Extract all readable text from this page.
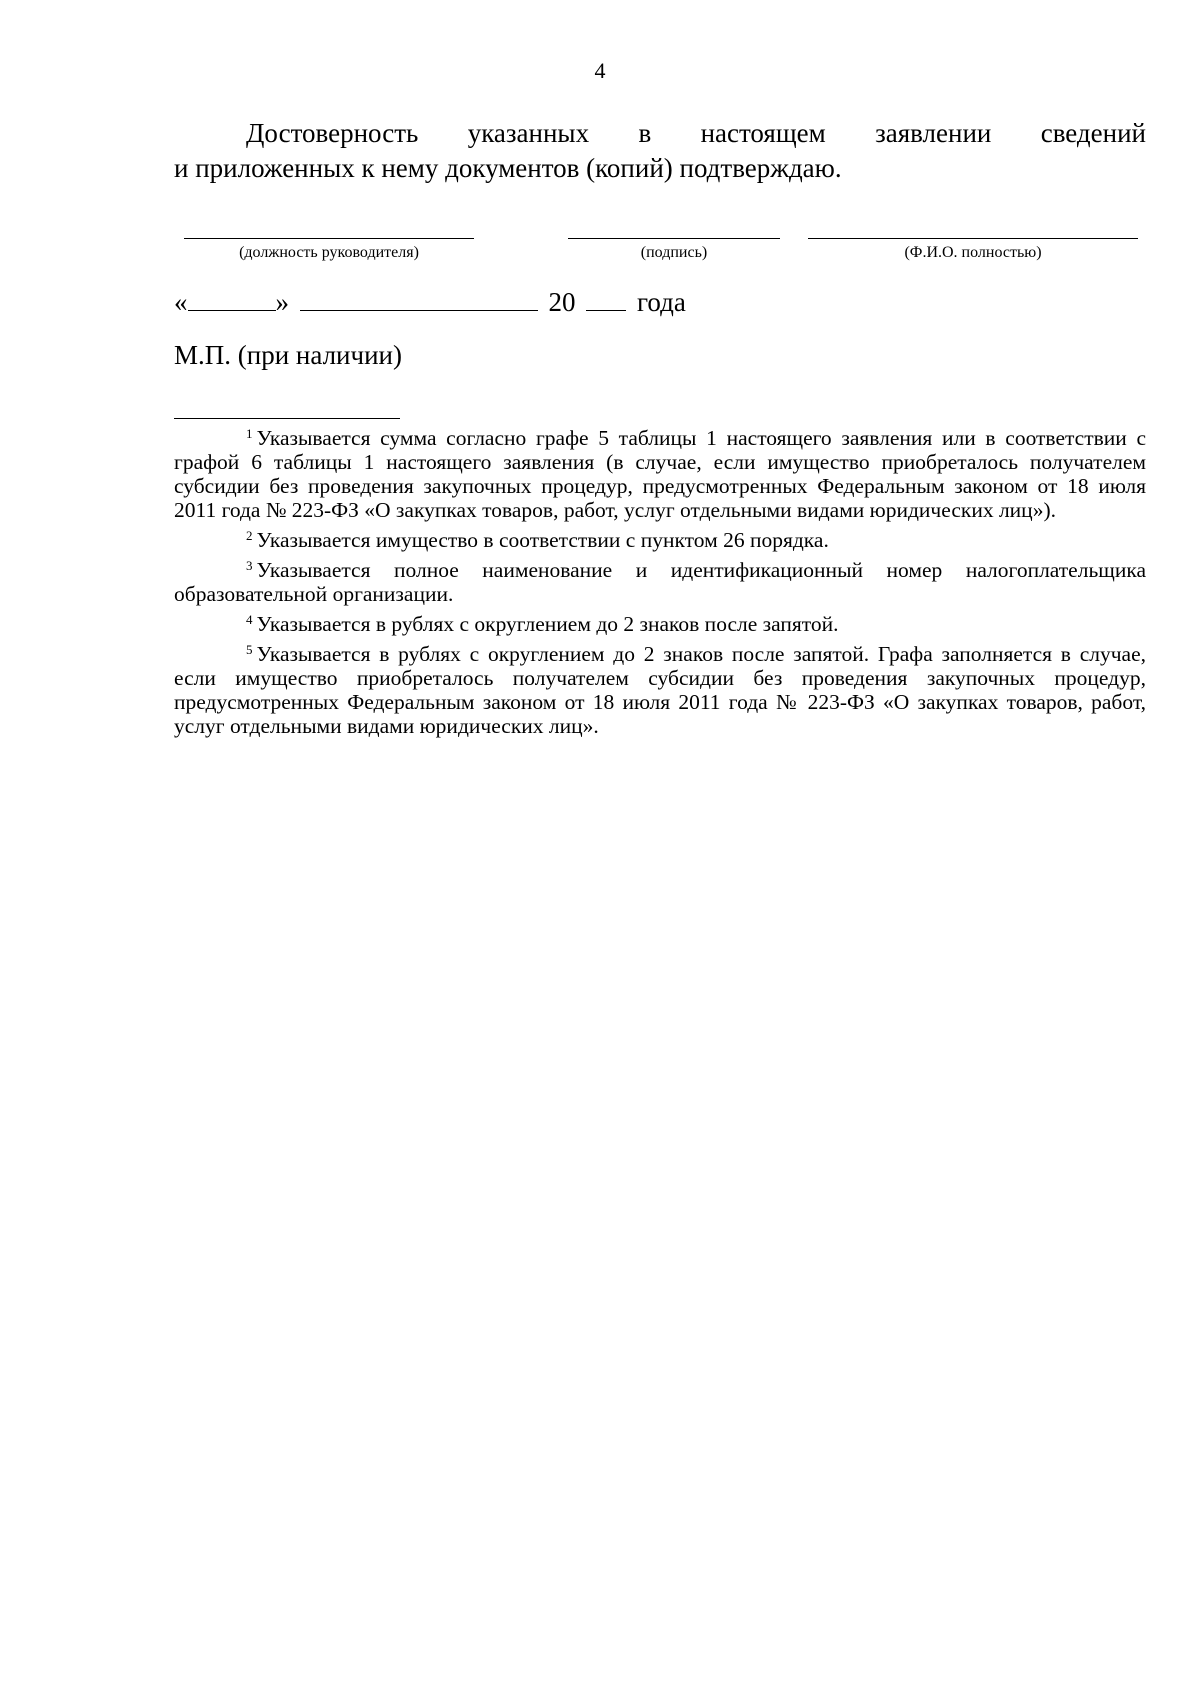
4
Достоверность указанных в настоящем заявлении сведений
и приложенных к нему документов (копий) подтверждаю.
(должность руководителя)	(подпись)	(Ф.И.О. полностью)
«	»	20 года
М.П. (при наличии)

$^1$ Указывается сумма согласно графе 5 таблицы 1 настоящего заявления или в соответствии с графой 6 таблицы 1 настоящего заявления (в случае, если имущество приобреталось получателем субсидии без проведения закупочных процедур, предусмотренных Федеральным законом от 18 июля 2011 года № 223-ФЗ «О закупках товаров, работ, услуг отдельными видами юридических лиц»).

$^2$ Указывается имущество в соответствии с пунктом 26 порядка.

$^3$ Указывается полное наименование и идентификационный номер налогоплательщика образовательной организации.

$^4$ Указывается в рублях с округлением до 2 знаков после запятой.

$^5$ Указывается в рублях с округлением до 2 знаков после запятой. Графа заполняется в случае, если имущество приобреталось получателем субсидии без проведения закупочных процедур, предусмотренных Федеральным законом от 18 июля 2011 года № 223-ФЗ «О закупках товаров, работ, услуг отдельными видами юридических лиц».
